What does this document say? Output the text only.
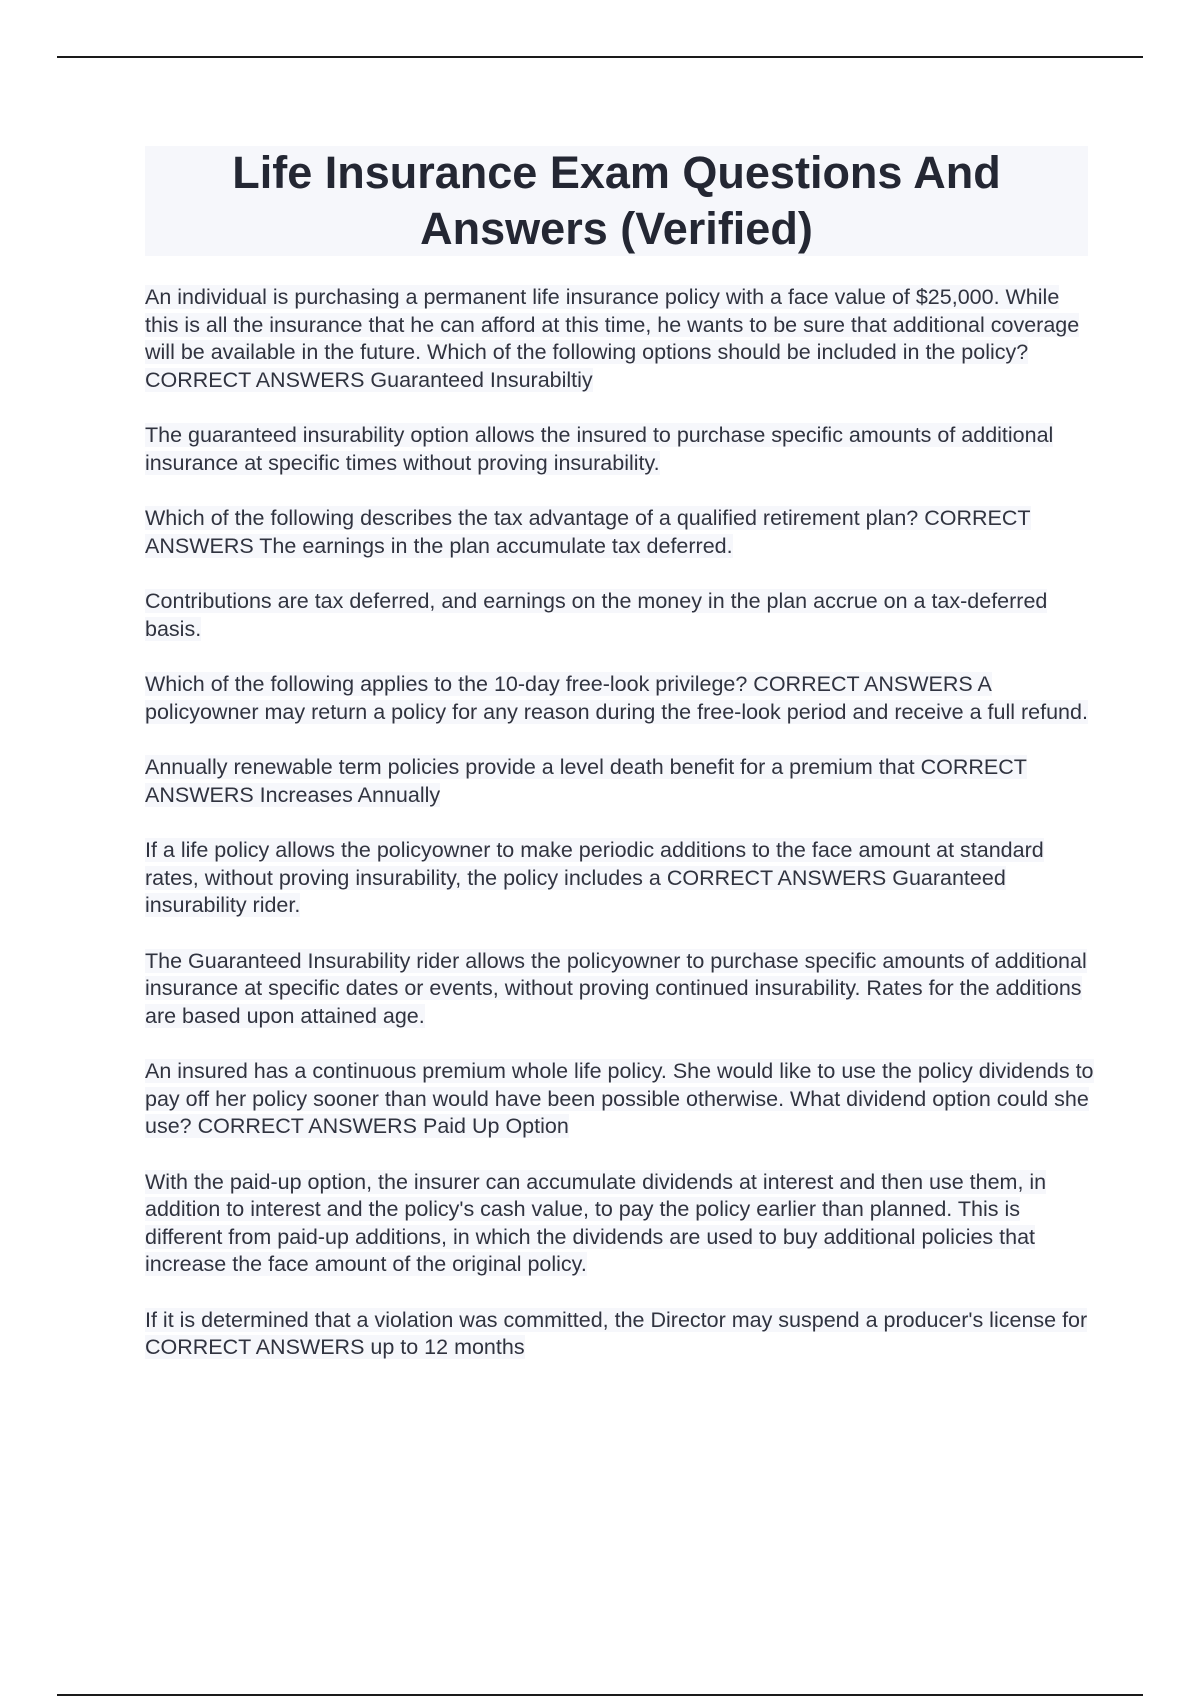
Life Insurance Exam Questions And Answers (Verified)

An individual is purchasing a permanent life insurance policy with a face value of $25,000. While this is all the insurance that he can afford at this time, he wants to be sure that additional coverage will be available in the future. Which of the following options should be included in the policy? CORRECT ANSWERS Guaranteed Insurabiltiy

The guaranteed insurability option allows the insured to purchase specific amounts of additional insurance at specific times without proving insurability.

Which of the following describes the tax advantage of a qualified retirement plan? CORRECT ANSWERS The earnings in the plan accumulate tax deferred.

Contributions are tax deferred, and earnings on the money in the plan accrue on a tax-deferred basis.

Which of the following applies to the 10-day free-look privilege? CORRECT ANSWERS A policyowner may return a policy for any reason during the free-look period and receive a full refund.

Annually renewable term policies provide a level death benefit for a premium that CORRECT ANSWERS Increases Annually

If a life policy allows the policyowner to make periodic additions to the face amount at standard rates, without proving insurability, the policy includes a CORRECT ANSWERS Guaranteed insurability rider.

The Guaranteed Insurability rider allows the policyowner to purchase specific amounts of additional insurance at specific dates or events, without proving continued insurability. Rates for the additions are based upon attained age.

An insured has a continuous premium whole life policy. She would like to use the policy dividends to pay off her policy sooner than would have been possible otherwise. What dividend option could she use? CORRECT ANSWERS Paid Up Option

With the paid-up option, the insurer can accumulate dividends at interest and then use them, in addition to interest and the policy's cash value, to pay the policy earlier than planned. This is different from paid-up additions, in which the dividends are used to buy additional policies that increase the face amount of the original policy.

If it is determined that a violation was committed, the Director may suspend a producer's license for CORRECT ANSWERS up to 12 months
